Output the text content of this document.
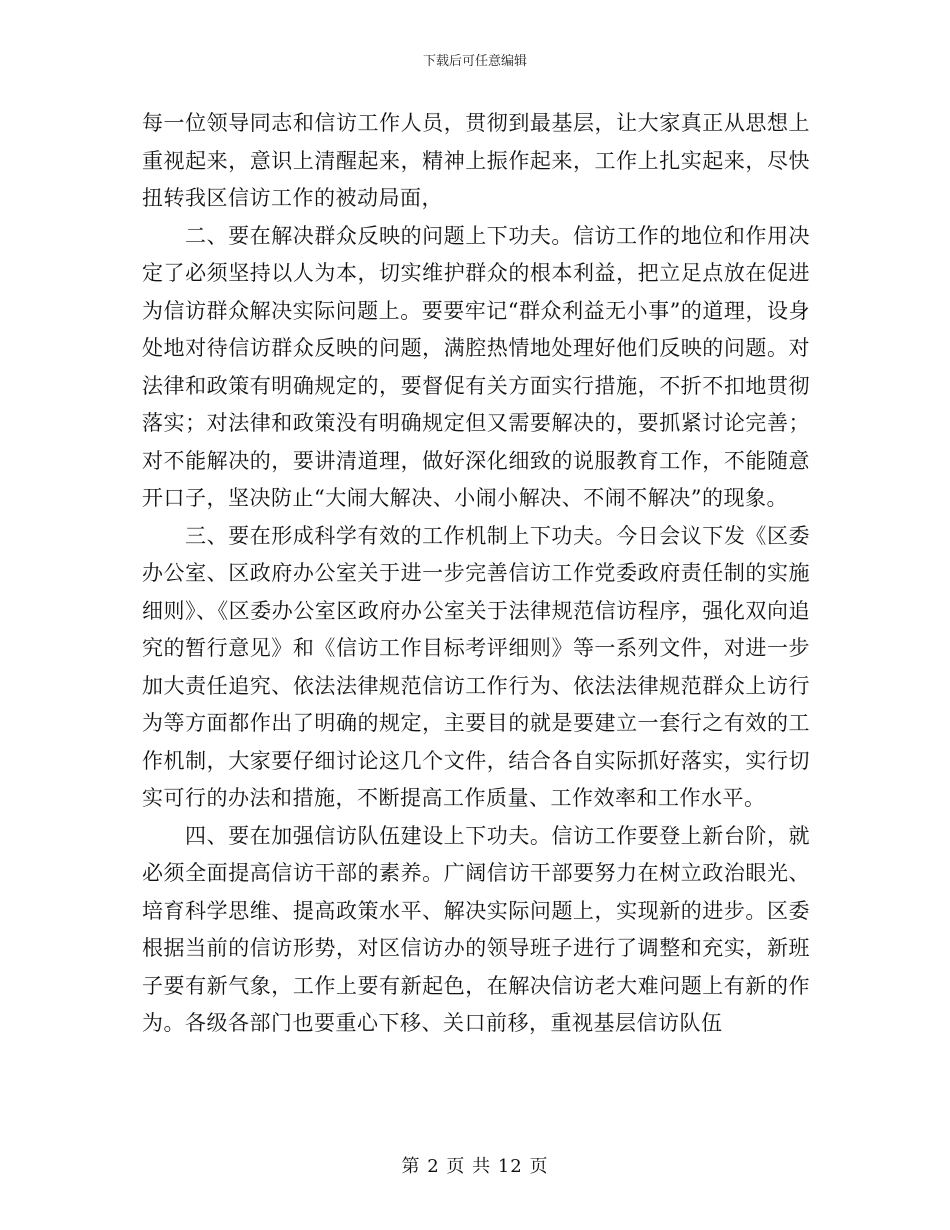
下载后可任意编辑

每一位领导同志和信访工作人员，贯彻到最基层，让大家真正从思想上重视起来，意识上清醒起来，精神上振作起来，工作上扎实起来，尽快扭转我区信访工作的被动局面，

二、要在解决群众反映的问题上下功夫。信访工作的地位和作用决定了必须坚持以人为本，切实维护群众的根本利益，把立足点放在促进为信访群众解决实际问题上。要要牢记“群众利益无小事”的道理，设身处地对待信访群众反映的问题，满腔热情地处理好他们反映的问题。对法律和政策有明确规定的，要督促有关方面实行措施，不折不扣地贯彻落实；对法律和政策没有明确规定但又需要解决的，要抓紧讨论完善；对不能解决的，要讲清道理，做好深化细致的说服教育工作，不能随意开口子，坚决防止“大闹大解决、小闹小解决、不闹不解决”的现象。

三、要在形成科学有效的工作机制上下功夫。今日会议下发《区委办公室、区政府办公室关于进一步完善信访工作党委政府责任制的实施细则》、《区委办公室区政府办公室关于法律规范信访程序，强化双向追究的暂行意见》和《信访工作目标考评细则》等一系列文件，对进一步加大责任追究、依法法律规范信访工作行为、依法法律规范群众上访行为等方面都作出了明确的规定，主要目的就是要建立一套行之有效的工作机制，大家要仔细讨论这几个文件，结合各自实际抓好落实，实行切实可行的办法和措施，不断提高工作质量、工作效率和工作水平。

四、要在加强信访队伍建设上下功夫。信访工作要登上新台阶，就必须全面提高信访干部的素养。广阔信访干部要努力在树立政治眼光、培育科学思维、提高政策水平、解决实际问题上，实现新的进步。区委根据当前的信访形势，对区信访办的领导班子进行了调整和充实，新班子要有新气象，工作上要有新起色，在解决信访老大难问题上有新的作为。各级各部门也要重心下移、关口前移，重视基层信访队伍

第 2 页 共 12 页
